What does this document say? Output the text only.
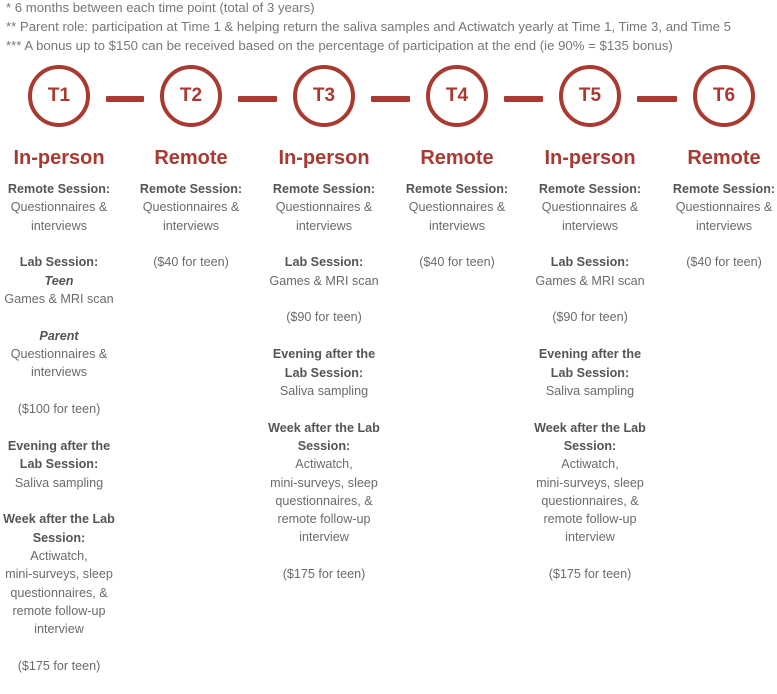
* 6 months between each time point (total of 3 years)
** Parent role: participation at Time 1 & helping return the saliva samples and Actiwatch yearly at Time 1, Time 3, and Time 5
*** A bonus up to $150 can be received based on the percentage of participation at the end (ie 90% = $135 bonus)
T1
In-person
Remote Session:
Questionnaires &
interviews
Lab Session:
Teen
Games & MRI scan
Parent
Questionnaires &
interviews
($100 for teen)
Evening after the
Lab Session:
Saliva sampling
Week after the Lab
Session:
Actiwatch,
mini-surveys, sleep
questionnaires, &
remote follow-up
interview
($175 for teen)
T2
Remote
Remote Session:
Questionnaires &
interviews
($40 for teen)
T3
In-person
Remote Session:
Questionnaires &
interviews
Lab Session:
Games & MRI scan
($90 for teen)
Evening after the
Lab Session:
Saliva sampling
Week after the Lab
Session:
Actiwatch,
mini-surveys, sleep
questionnaires, &
remote follow-up
interview
($175 for teen)
T4
Remote
Remote Session:
Questionnaires &
interviews
($40 for teen)
T5
In-person
Remote Session:
Questionnaires &
interviews
Lab Session:
Games & MRI scan
($90 for teen)
Evening after the
Lab Session:
Saliva sampling
Week after the Lab
Session:
Actiwatch,
mini-surveys, sleep
questionnaires, &
remote follow-up
interview
($175 for teen)
T6
Remote
Remote Session:
Questionnaires &
interviews
($40 for teen)
